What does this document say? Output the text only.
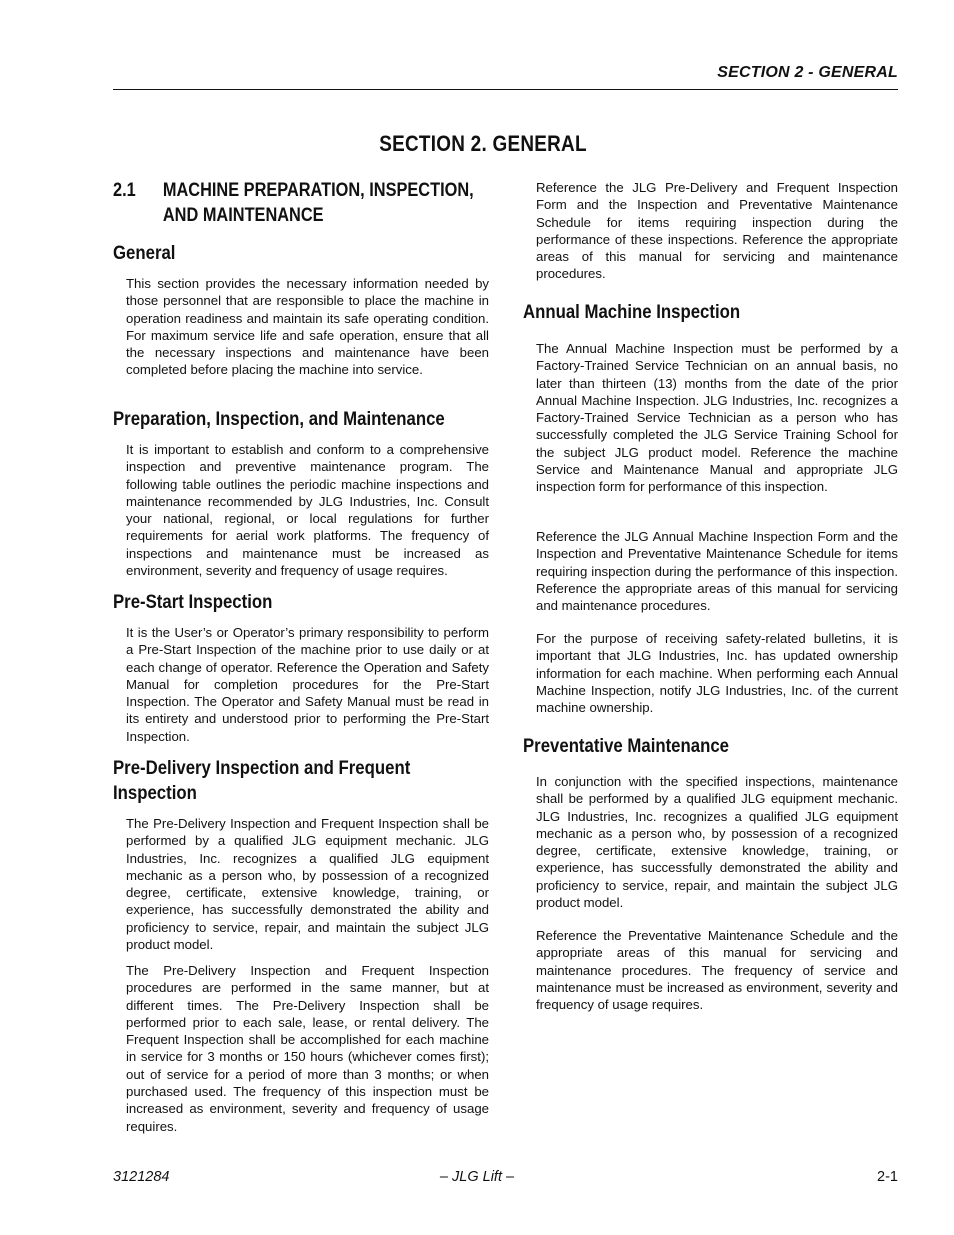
SECTION 2 - GENERAL
SECTION 2. GENERAL
2.1 MACHINE PREPARATION, INSPECTION,
AND MAINTENANCE
General

This section provides the necessary information needed by those personnel that are responsible to place the machine in operation readiness and maintain its safe operating condition. For maximum service life and safe operation, ensure that all the necessary inspections and maintenance have been completed before placing the machine into service.

Preparation, Inspection, and Maintenance

It is important to establish and conform to a comprehensive inspection and preventive maintenance program. The following table outlines the periodic machine inspections and maintenance recommended by JLG Industries, Inc. Consult your national, regional, or local regulations for further requirements for aerial work platforms. The frequency of inspections and maintenance must be increased as environment, severity and frequency of usage requires.

Pre-Start Inspection

It is the User’s or Operator’s primary responsibility to perform a Pre-Start Inspection of the machine prior to use daily or at each change of operator. Reference the Operation and Safety Manual for completion procedures for the Pre-Start Inspection. The Operator and Safety Manual must be read in its entirety and understood prior to performing the Pre-Start Inspection.

Pre-Delivery Inspection and Frequent
Inspection

The Pre-Delivery Inspection and Frequent Inspection shall be performed by a qualified JLG equipment mechanic. JLG Industries, Inc. recognizes a qualified JLG equipment mechanic as a person who, by possession of a recognized degree, certificate, extensive knowledge, training, or experience, has successfully demonstrated the ability and proficiency to service, repair, and maintain the subject JLG product model.

The Pre-Delivery Inspection and Frequent Inspection procedures are performed in the same manner, but at different times. The Pre-Delivery Inspection shall be performed prior to each sale, lease, or rental delivery. The Frequent Inspection shall be accomplished for each machine in service for 3 months or 150 hours (whichever comes first); out of service for a period of more than 3 months; or when purchased used. The frequency of this inspection must be increased as environment, severity and frequency of usage requires.

Reference the JLG Pre-Delivery and Frequent Inspection Form and the Inspection and Preventative Maintenance Schedule for items requiring inspection during the performance of these inspections. Reference the appropriate areas of this manual for servicing and maintenance procedures.

Annual Machine Inspection

The Annual Machine Inspection must be performed by a Factory-Trained Service Technician on an annual basis, no later than thirteen (13) months from the date of the prior Annual Machine Inspection. JLG Industries, Inc. recognizes a Factory-Trained Service Technician as a person who has successfully completed the JLG Service Training School for the subject JLG product model. Reference the machine Service and Maintenance Manual and appropriate JLG inspection form for performance of this inspection.

Reference the JLG Annual Machine Inspection Form and the Inspection and Preventative Maintenance Schedule for items requiring inspection during the performance of this inspection. Reference the appropriate areas of this manual for servicing and maintenance procedures.

For the purpose of receiving safety-related bulletins, it is important that JLG Industries, Inc. has updated ownership information for each machine. When performing each Annual Machine Inspection, notify JLG Industries, Inc. of the current machine ownership.

Preventative Maintenance

In conjunction with the specified inspections, maintenance shall be performed by a qualified JLG equipment mechanic. JLG Industries, Inc. recognizes a qualified JLG equipment mechanic as a person who, by possession of a recognized degree, certificate, extensive knowledge, training, or experience, has successfully demonstrated the ability and proficiency to service, repair, and maintain the subject JLG product model.

Reference the Preventative Maintenance Schedule and the appropriate areas of this manual for servicing and maintenance procedures. The frequency of service and maintenance must be increased as environment, severity and frequency of usage requires.

3121284	– JLG Lift –	2-1
